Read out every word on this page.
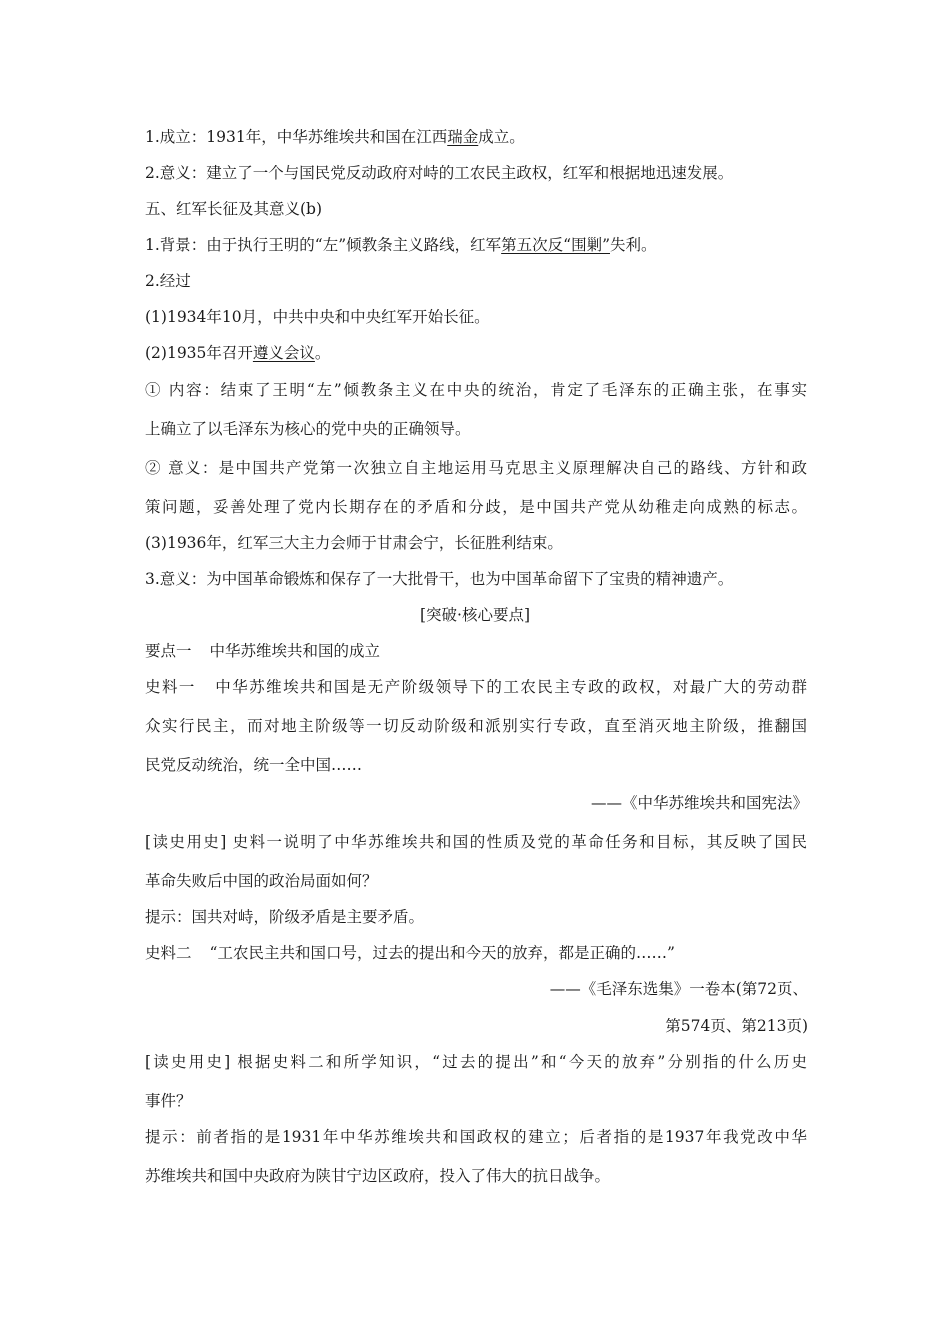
1.成立：1931年，中华苏维埃共和国在江西瑞金成立。
2.意义：建立了一个与国民党反动政府对峙的工农民主政权，红军和根据地迅速发展。
五、红军长征及其意义(b)
1.背景：由于执行王明的“左”倾教条主义路线，红军第五次反“围剿”失利。
2.经过
(1)1934年10月，中共中央和中央红军开始长征。
(2)1935年召开遵义会议。
① 内容：结束了王明“左”倾教条主义在中央的统治，肯定了毛泽东的正确主张，在事实
上确立了以毛泽东为核心的党中央的正确领导。
② 意义：是中国共产党第一次独立自主地运用马克思主义原理解决自己的路线、方针和政
策问题，妥善处理了党内长期存在的矛盾和分歧，是中国共产党从幼稚走向成熟的标志。
(3)1936年，红军三大主力会师于甘肃会宁，长征胜利结束。
3.意义：为中国革命锻炼和保存了一大批骨干，也为中国革命留下了宝贵的精神遗产。
[突破·核心要点]
要点一 中华苏维埃共和国的成立
史料一 中华苏维埃共和国是无产阶级领导下的工农民主专政的政权，对最广大的劳动群
众实行民主，而对地主阶级等一切反动阶级和派别实行专政，直至消灭地主阶级，推翻国
民党反动统治，统一全中国……
——《中华苏维埃共和国宪法》
[读史用史] 史料一说明了中华苏维埃共和国的性质及党的革命任务和目标，其反映了国民
革命失败后中国的政治局面如何？
提示：国共对峙，阶级矛盾是主要矛盾。
史料二 “工农民主共和国口号，过去的提出和今天的放弃，都是正确的……”
——《毛泽东选集》一卷本(第72页、
第574页、第213页)
[读史用史] 根据史料二和所学知识，“过去的提出”和“今天的放弃”分别指的什么历史
事件？
提示：前者指的是1931年中华苏维埃共和国政权的建立；后者指的是1937年我党改中华
苏维埃共和国中央政府为陕甘宁边区政府，投入了伟大的抗日战争。
